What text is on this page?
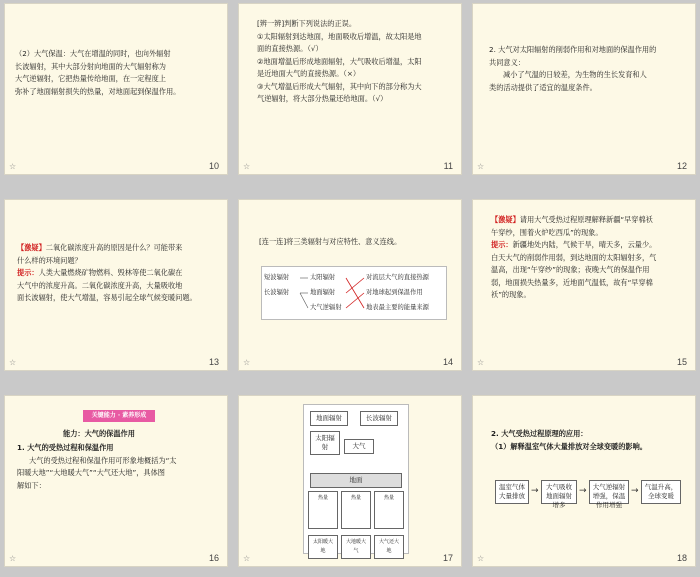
（2）大气保温：大气在增温的同时，也向外辐射
长波辐射，其中大部分射向地面的大气辐射称为
大气逆辐射，它把热量传给地面，在一定程度上
弥补了地面辐射损失的热量，对地面起到保温作用。
☆	10
[辨一辨]判断下列说法的正误。
①太阳辐射到达地面，地面吸收后增温，故太阳是地
面的直接热源。（√）
②地面增温后形成地面辐射，大气吸收后增温，太阳
是近地面大气的直接热源。（×）
③大气增温后形成大气辐射，其中向下的部分称为大
气逆辐射，将大部分热量还给地面。（√）
☆	11
2. 大气对太阳辐射的削弱作用和对地面的保温作用的
共同意义：
减小了气温的日较差，为生物的生长发育和人
类的活动提供了适宜的温度条件。
☆	12
【激疑】二氧化碳浓度升高的原因是什么？可能带来
什么样的环境问题？
提示：人类大量燃烧矿物燃料、毁林等使二氧化碳在
大气中的浓度升高。二氧化碳浓度升高，大量吸收地
面长波辐射，使大气增温，容易引起全球气候变暖问题。
☆	13
[连一连]将三类辐射与对应特性、意义连线。
短波辐射
长波辐射
太阳辐射
地面辐射
大气逆辐射
对流层大气的直接热源
对地球起到保温作用
地表最主要的能量来源
☆	14
【激疑】请用大气受热过程原理解释新疆“早穿棉袄
午穿纱，围着火炉吃西瓜”的现象。
提示：新疆地处内陆，气候干旱，晴天多，云量少。
白天大气的削弱作用弱，到达地面的太阳辐射多，气
温高，出现“午穿纱”的现象；夜晚大气的保温作用
弱，地面损失热量多，近地面气温低，故有“早穿棉
袄”的现象。
☆	15
关键能力 · 素养形成
能力：大气的保温作用
1. 大气的受热过程和保温作用
大气的受热过程和保温作用可形象地概括为“太
阳暖大地”“大地暖大气”“大气还大地”，具体图
解如下：
☆	16
地面辐射	长波辐射
太阳辐射	大气
地面
热量	热量	热量
太阳暖大地
大地暖大气
大气还大地
☆	17
2. 大气受热过程原理的应用：
（1）解释温室气体大量排放对全球变暖的影响。
温室气体大量排放 →	大气吸收地面辐射增多
→ 大气逆辐射增强，保温作用增强
→ 气温升高，全球变暖
☆	18
